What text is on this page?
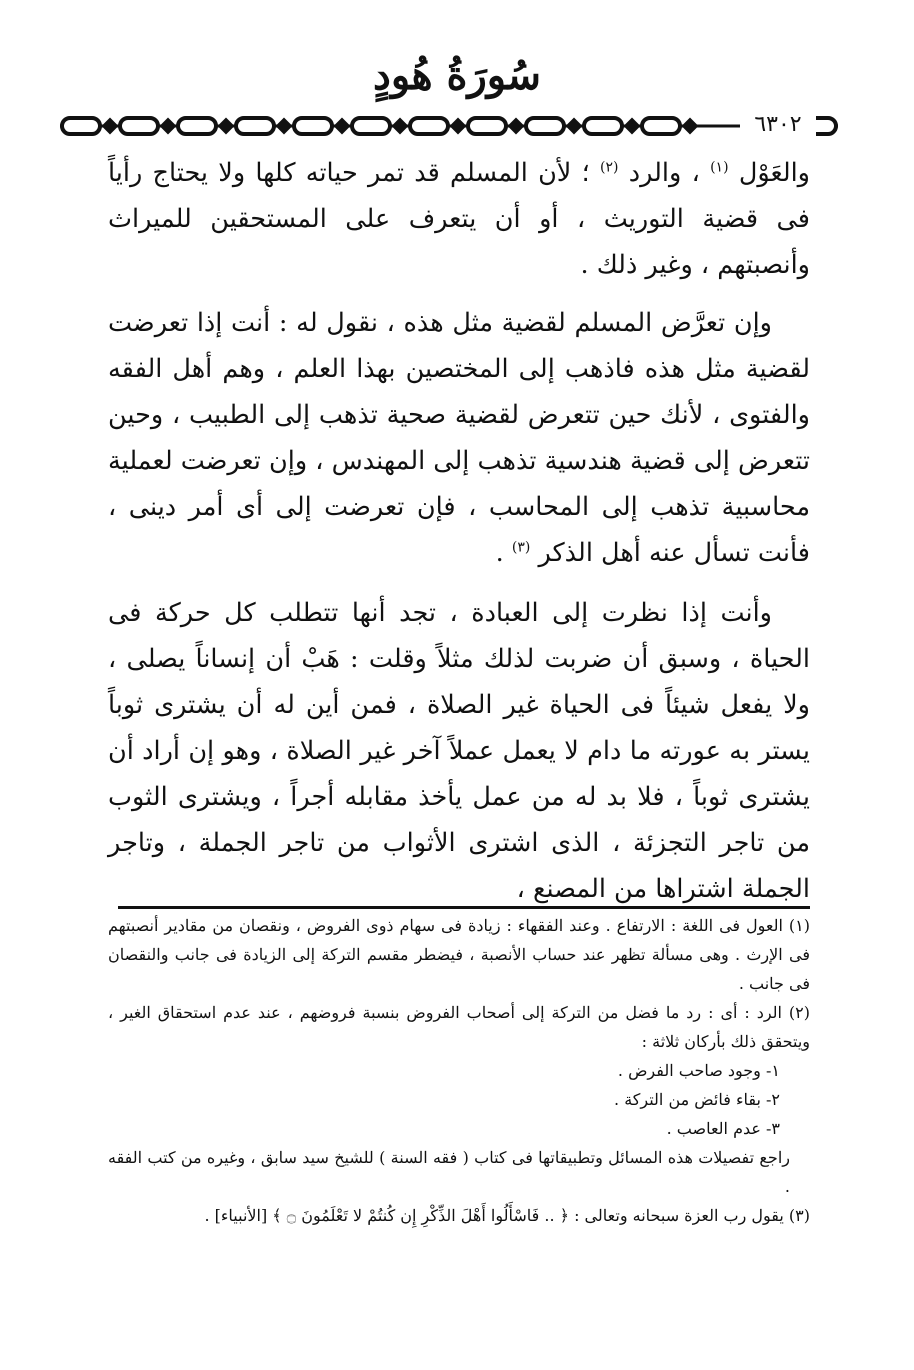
سُورَةُ هُودٍ
٦٣٠٢

والعَوْل $^{(١)}$ ، والرد $^{(٢)}$ ؛ لأن المسلم قد تمر حياته كلها ولا يحتاج رأياً فى قضية التوريث ، أو أن يتعرف على المستحقين للميراث وأنصبتهم ، وغير ذلك .

وإن تعرَّض المسلم لقضية مثل هذه ، نقول له : أنت إذا تعرضت لقضية مثل هذه فاذهب إلى المختصين بهذا العلم ، وهم أهل الفقه والفتوى ، لأنك حين تتعرض لقضية صحية تذهب إلى الطبيب ، وحين تتعرض إلى قضية هندسية تذهب إلى المهندس ، وإن تعرضت لعملية محاسبية تذهب إلى المحاسب ، فإن تعرضت إلى أى أمر دينى ، فأنت تسأل عنه أهل الذكر $^{(٣)}$ .

وأنت إذا نظرت إلى العبادة ، تجد أنها تتطلب كل حركة فى الحياة ، وسبق أن ضربت لذلك مثلاً وقلت : هَبْ أن إنساناً يصلى ، ولا يفعل شيئاً فى الحياة غير الصلاة ، فمن أين له أن يشترى ثوباً يستر به عورته ما دام لا يعمل عملاً آخر غير الصلاة ، وهو إن أراد أن يشترى ثوباً ، فلا بد له من عمل يأخذ مقابله أجراً ، ويشترى الثوب من تاجر التجزئة ، الذى اشترى الأثواب من تاجر الجملة ، وتاجر الجملة اشتراها من المصنع ،

(١) العول فى اللغة : الارتفاع . وعند الفقهاء : زيادة فى سهام ذوى الفروض ، ونقصان من مقادير أنصبتهم فى الإرث . وهى مسألة تظهر عند حساب الأنصبة ، فيضطر مقسم التركة إلى الزيادة فى جانب والنقصان فى جانب .

(٢) الرد : أى : رد ما فضل من التركة إلى أصحاب الفروض بنسبة فروضهم ، عند عدم استحقاق الغير ، ويتحقق ذلك بأركان ثلاثة :

١- وجود صاحب الفرض .

٢- بقاء فائض من التركة .

٣- عدم العاصب .

راجع تفصيلات هذه المسائل وتطبيقاتها فى كتاب ( فقه السنة ) للشيخ سيد سابق ، وغيره من كتب الفقه .

(٣) يقول رب العزة سبحانه وتعالى : ﴿ .. فَاسْأَلُوا أَهْلَ الذِّكْرِ إِن كُنتُمْ لا تَعْلَمُونَ ۝ ﴾ [الأنبياء] .
